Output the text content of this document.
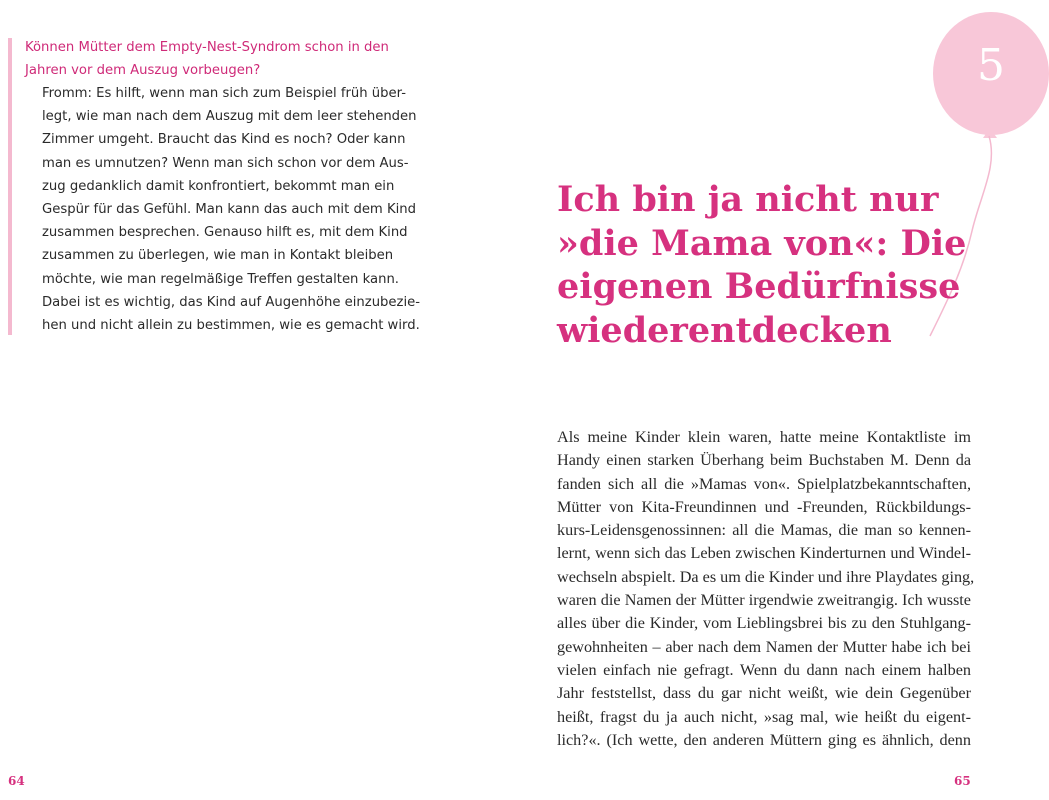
Können Mütter dem Empty-Nest-Syndrom schon in den
Jahren vor dem Auszug vorbeugen?

Fromm: Es hilft, wenn man sich zum Beispiel früh über-
legt, wie man nach dem Auszug mit dem leer stehenden
Zimmer umgeht. Braucht das Kind es noch? Oder kann
man es umnutzen? Wenn man sich schon vor dem Aus-
zug gedanklich damit konfrontiert, bekommt man ein
Gespür für das Gefühl. Man kann das auch mit dem Kind
zusammen besprechen. Genauso hilft es, mit dem Kind
zusammen zu überlegen, wie man in Kontakt bleiben
möchte, wie man regelmäßige Treffen gestalten kann.
Dabei ist es wichtig, das Kind auf Augenhöhe einzubezie-
hen und nicht allein zu bestimmen, wie es gemacht wird.

64

5

Ich bin ja nicht nur
»die Mama von«: Die
eigenen Bedürfnisse
wiederentdecken

Als meine Kinder klein waren, hatte meine Kontaktliste im
Handy einen starken Überhang beim Buchstaben M. Denn da
fanden sich all die »Mamas von«. Spielplatzbekanntschaften,
Mütter von Kita-Freundinnen und -Freunden, Rückbildungs-
kurs-Leidensgenossinnen: all die Mamas, die man so kennen-
lernt, wenn sich das Leben zwischen Kinderturnen und Windel-
wechseln abspielt. Da es um die Kinder und ihre Playdates ging,
waren die Namen der Mütter irgendwie zweitrangig. Ich wusste
alles über die Kinder, vom Lieblingsbrei bis zu den Stuhlgang-
gewohnheiten – aber nach dem Namen der Mutter habe ich bei
vielen einfach nie gefragt. Wenn du dann nach einem halben
Jahr feststellst, dass du gar nicht weißt, wie dein Gegenüber
heißt, fragst du ja auch nicht, »sag mal, wie heißt du eigent-
lich?«. (Ich wette, den anderen Müttern ging es ähnlich, denn

65
